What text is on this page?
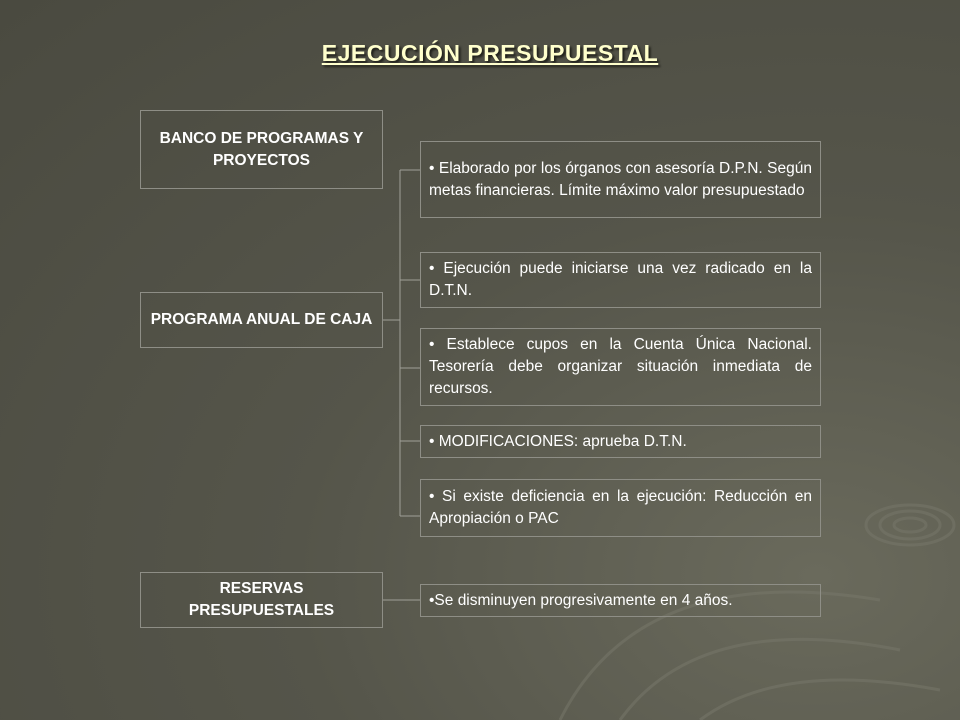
EJECUCIÓN PRESUPUESTAL
BANCO DE PROGRAMAS Y PROYECTOS
PROGRAMA ANUAL DE CAJA
RESERVAS PRESUPUESTALES
• Elaborado por los órganos con asesoría D.P.N. Según metas financieras. Límite máximo valor presupuestado
• Ejecución puede iniciarse una vez radicado en la D.T.N.
• Establece cupos en la Cuenta Única Nacional. Tesorería debe organizar situación inmediata de recursos.
• MODIFICACIONES: aprueba D.T.N.
• Si existe deficiencia en la ejecución: Reducción en Apropiación o PAC
•Se disminuyen progresivamente en 4 años.
